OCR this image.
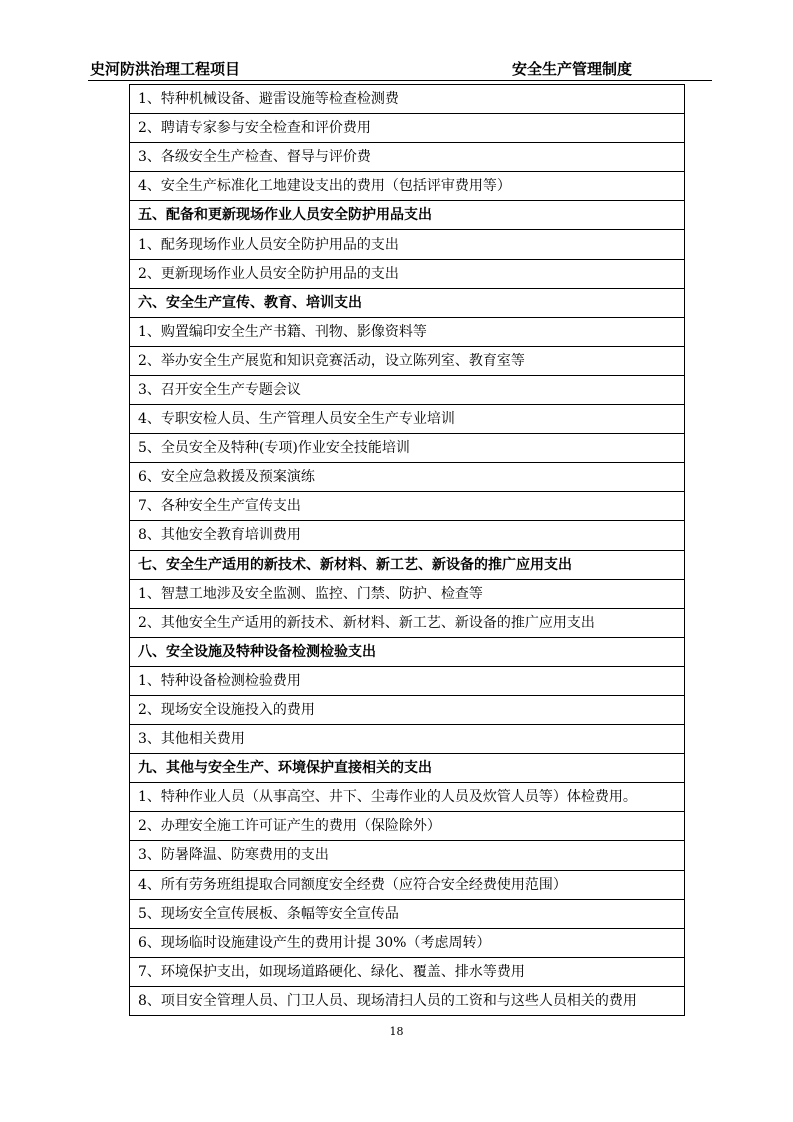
史河防洪治理工程项目	安全生产管理制度
1、特种机械设备、避雷设施等检查检测费
2、聘请专家参与安全检查和评价费用
3、各级安全生产检查、督导与评价费
4、安全生产标准化工地建设支出的费用（包括评审费用等）
五、配备和更新现场作业人员安全防护用品支出
1、配务现场作业人员安全防护用品的支出
2、更新现场作业人员安全防护用品的支出
六、安全生产宣传、教育、培训支出
1、购置编印安全生产书籍、刊物、影像资料等
2、举办安全生产展览和知识竞赛活动，设立陈列室、教育室等
3、召开安全生产专题会议
4、专职安检人员、生产管理人员安全生产专业培训
5、全员安全及特种(专项)作业安全技能培训
6、安全应急救援及预案演练
7、各种安全生产宣传支出
8、其他安全教育培训费用
七、安全生产适用的新技术、新材料、新工艺、新设备的推广应用支出
1、智慧工地涉及安全监测、监控、门禁、防护、检查等
2、其他安全生产适用的新技术、新材料、新工艺、新设备的推广应用支出
八、安全设施及特种设备检测检验支出
1、特种设备检测检验费用
2、现场安全设施投入的费用
3、其他相关费用
九、其他与安全生产、环境保护直接相关的支出
1、特种作业人员（从事高空、井下、尘毒作业的人员及炊管人员等）体检费用。
2、办理安全施工许可证产生的费用（保险除外）
3、防暑降温、防寒费用的支出
4、所有劳务班组提取合同额度安全经费（应符合安全经费使用范围）
5、现场安全宣传展板、条幅等安全宣传品
6、现场临时设施建设产生的费用计提 30%（考虑周转）
7、环境保护支出，如现场道路硬化、绿化、覆盖、排水等费用
8、项目安全管理人员、门卫人员、现场清扫人员的工资和与这些人员相关的费用
18
